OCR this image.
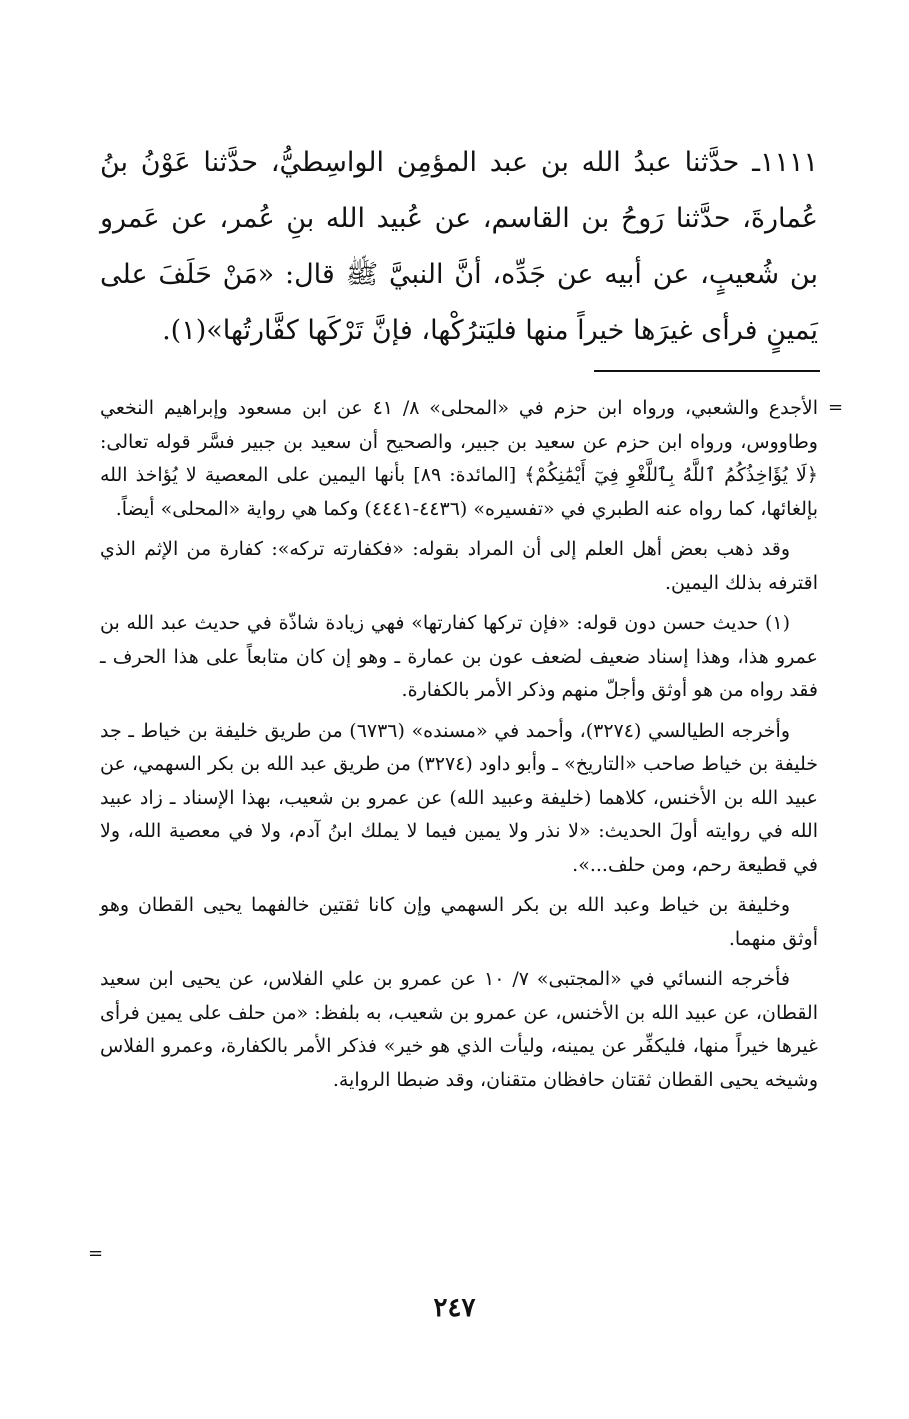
١١١١ـ حدَّثنا عبدُ الله بن عبد المؤمِن الواسِطيُّ، حدَّثنا عَوْنُ بنُ عُمارةَ، حدَّثنا رَوحُ بن القاسم، عن عُبيد الله بنِ عُمر، عن عَمرو بن شُعيبٍ، عن أبيه عن جَدِّه، أنَّ النبيَّ ﷺ قال: «مَنْ حَلَفَ على يَمينٍ فرأى غيرَها خيراً منها فليَترُكْها، فإنَّ تَرْكَها كفَّارتُها»(١).

=

الأجدع والشعبي، ورواه ابن حزم في «المحلى» ٨/ ٤١ عن ابن مسعود وإبراهيم النخعي وطاووس، ورواه ابن حزم عن سعيد بن جبير، والصحيح أن سعيد بن جبير فسَّر قوله تعالى: ﴿لَا يُؤَاخِذُكُمُ ٱللَّهُ بِٱللَّغْوِ فِيٓ أَيْمَٰنِكُمْ﴾ [المائدة: ٨٩] بأنها اليمين على المعصية لا يُؤاخذ الله بإلغائها، كما رواه عنه الطبري في «تفسيره» (٤٤٣٦-٤٤٤١) وكما هي رواية «المحلى» أيضاً.

وقد ذهب بعض أهل العلم إلى أن المراد بقوله: «فكفارته تركه»: كفارة من الإثم الذي اقترفه بذلك اليمين.

(١) حديث حسن دون قوله: «فإن تركها كفارتها» فهي زيادة شاذّة في حديث عبد الله بن عمرو هذا، وهذا إسناد ضعيف لضعف عون بن عمارة ـ وهو إن كان متابعاً على هذا الحرف ـ فقد رواه من هو أوثق وأجلّ منهم وذكر الأمر بالكفارة.

وأخرجه الطيالسي (٣٢٧٤)، وأحمد في «مسنده» (٦٧٣٦) من طريق خليفة بن خياط ـ جد خليفة بن خياط صاحب «التاريخ» ـ وأبو داود (٣٢٧٤) من طريق عبد الله بن بكر السهمي، عن عبيد الله بن الأخنس، كلاهما (خليفة وعبيد الله) عن عمرو بن شعيب، بهذا الإسناد ـ زاد عبيد الله في روايته أولَ الحديث: «لا نذر ولا يمين فيما لا يملك ابنُ آدم، ولا في معصية الله، ولا في قطيعة رحم، ومن حلف...».

وخليفة بن خياط وعبد الله بن بكر السهمي وإن كانا ثقتين خالفهما يحيى القطان وهو أوثق منهما.

فأخرجه النسائي في «المجتبى» ٧/ ١٠ عن عمرو بن علي الفلاس، عن يحيى ابن سعيد القطان، عن عبيد الله بن الأخنس، عن عمرو بن شعيب، به بلفظ: «من حلف على يمين فرأى غيرها خيراً منها، فليكفِّر عن يمينه، وليأت الذي هو خير» فذكر الأمر بالكفارة، وعمرو الفلاس وشيخه يحيى القطان ثقتان حافظان متقنان، وقد ضبطا الرواية.

=
٢٤٧
